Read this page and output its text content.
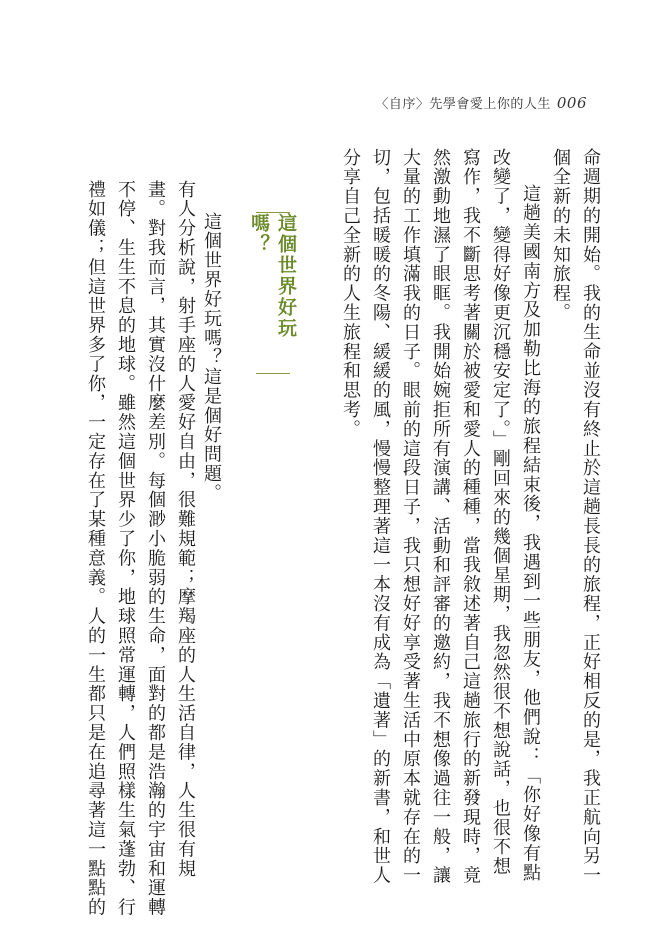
〈自序〉先學會愛上你的人生 006
命週期的開始。我的生命並沒有終止於這趟長長的旅程，正好相反的是，我正航向另一
個全新的未知旅程。
這趟美國南方及加勒比海的旅程結束後，我遇到一些朋友，他們說：「你好像有點
改變了，變得好像更沉穩安定了。」剛回來的幾個星期，我忽然很不想說話，也很不想
寫作，我不斷思考著關於被愛和愛人的種種，當我敘述著自己這趟旅行的新發現時，竟
然激動地濕了眼眶。我開始婉拒所有演講、活動和評審的邀約，我不想像過往一般，讓
大量的工作填滿我的日子。眼前的這段日子，我只想好好享受著生活中原本就存在的一
切，包括暖暖的冬陽、緩緩的風，慢慢整理著這一本沒有成為「遺著」的新書，和世人
分享自己全新的人生旅程和思考。
這個世界好玩嗎？
這個世界好玩嗎？這是個好問題。
有人分析說，射手座的人愛好自由，很難規範；摩羯座的人生活自律，人生很有規
畫。對我而言，其實沒什麼差別。每個渺小脆弱的生命，面對的都是浩瀚的宇宙和運轉
不停、生生不息的地球。雖然這個世界少了你，地球照常運轉，人們照樣生氣蓬勃、行
禮如儀；但這世界多了你，一定存在了某種意義。人的一生都只是在追尋著這一點點的
